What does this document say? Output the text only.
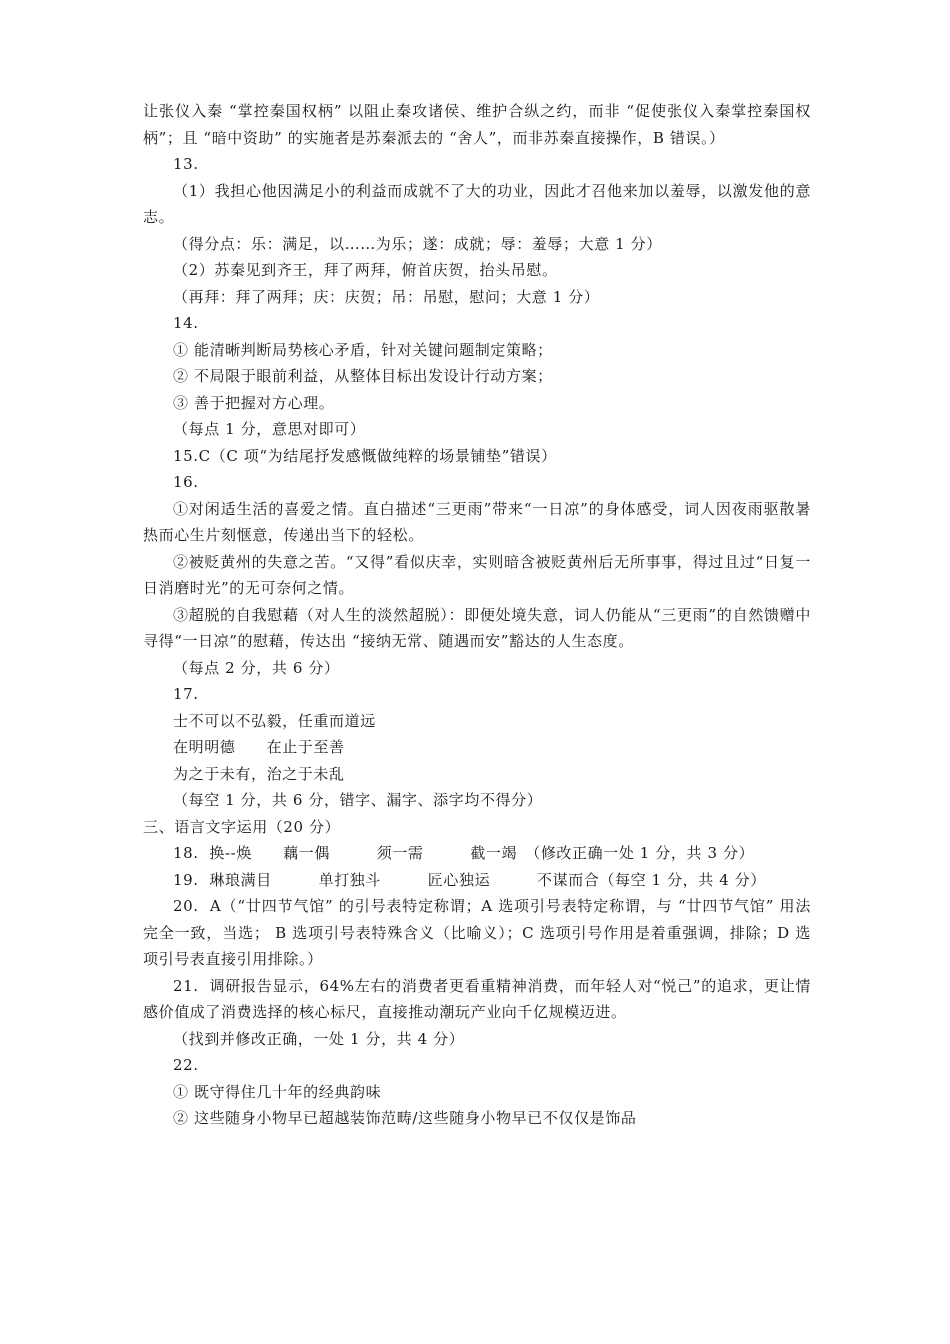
让张仪入秦 “掌控秦国权柄” 以阻止秦攻诸侯、维护合纵之约，而非 “促使张仪入秦掌控秦国权柄”；且 “暗中资助” 的实施者是苏秦派去的 “舍人”，而非苏秦直接操作，B 错误。）

13.

（1）我担心他因满足小的利益而成就不了大的功业，因此才召他来加以羞辱，以激发他的意志。

（得分点：乐：满足，以……为乐；遂：成就；辱：羞辱；大意 1 分）

（2）苏秦见到齐王，拜了两拜，俯首庆贺，抬头吊慰。

（再拜：拜了两拜；庆：庆贺；吊：吊慰，慰问；大意 1 分）

14.

① 能清晰判断局势核心矛盾，针对关键问题制定策略；

② 不局限于眼前利益，从整体目标出发设计行动方案；

③ 善于把握对方心理。

（每点 1 分，意思对即可）

15.C（C 项“为结尾抒发感慨做纯粹的场景铺垫”错误）

16.

①对闲适生活的喜爱之情。直白描述“三更雨”带来“一日凉”的身体感受，词人因夜雨驱散暑热而心生片刻惬意，传递出当下的轻松。

②被贬黄州的失意之苦。“又得”看似庆幸，实则暗含被贬黄州后无所事事，得过且过“日复一日消磨时光”的无可奈何之情。

③超脱的自我慰藉（对人生的淡然超脱）：即便处境失意，词人仍能从“三更雨”的自然馈赠中寻得“一日凉”的慰藉，传达出 “接纳无常、随遇而安”豁达的人生态度。

（每点 2 分，共 6 分）

17.

士不可以不弘毅，任重而道远

在明明德　　在止于至善

为之于未有，治之于未乱

（每空 1 分，共 6 分，错字、漏字、添字均不得分）

三、语言文字运用（20 分）

18.  换--焕　　藕一偶　　　须一需　　　截一竭　（修改正确一处 1 分，共 3 分）

19.  琳琅满目　　　单打独斗　　　匠心独运　　　不谋而合（每空 1 分，共 4 分）

20.  A（“廿四节气馆” 的引号表特定称谓；A 选项引号表特定称谓，与 “廿四节气馆” 用法完全一致，当选； B 选项引号表特殊含义（比喻义）；C 选项引号作用是着重强调，排除；D 选项引号表直接引用排除。）

21.  调研报告显示，64%左右的消费者更看重精神消费，而年轻人对“悦己”的追求，更让情感价值成了消费选择的核心标尺，直接推动潮玩产业向千亿规模迈进。

（找到并修改正确，一处 1 分，共 4 分）

22.

① 既守得住几十年的经典韵味

② 这些随身小物早已超越装饰范畴/这些随身小物早已不仅仅是饰品
